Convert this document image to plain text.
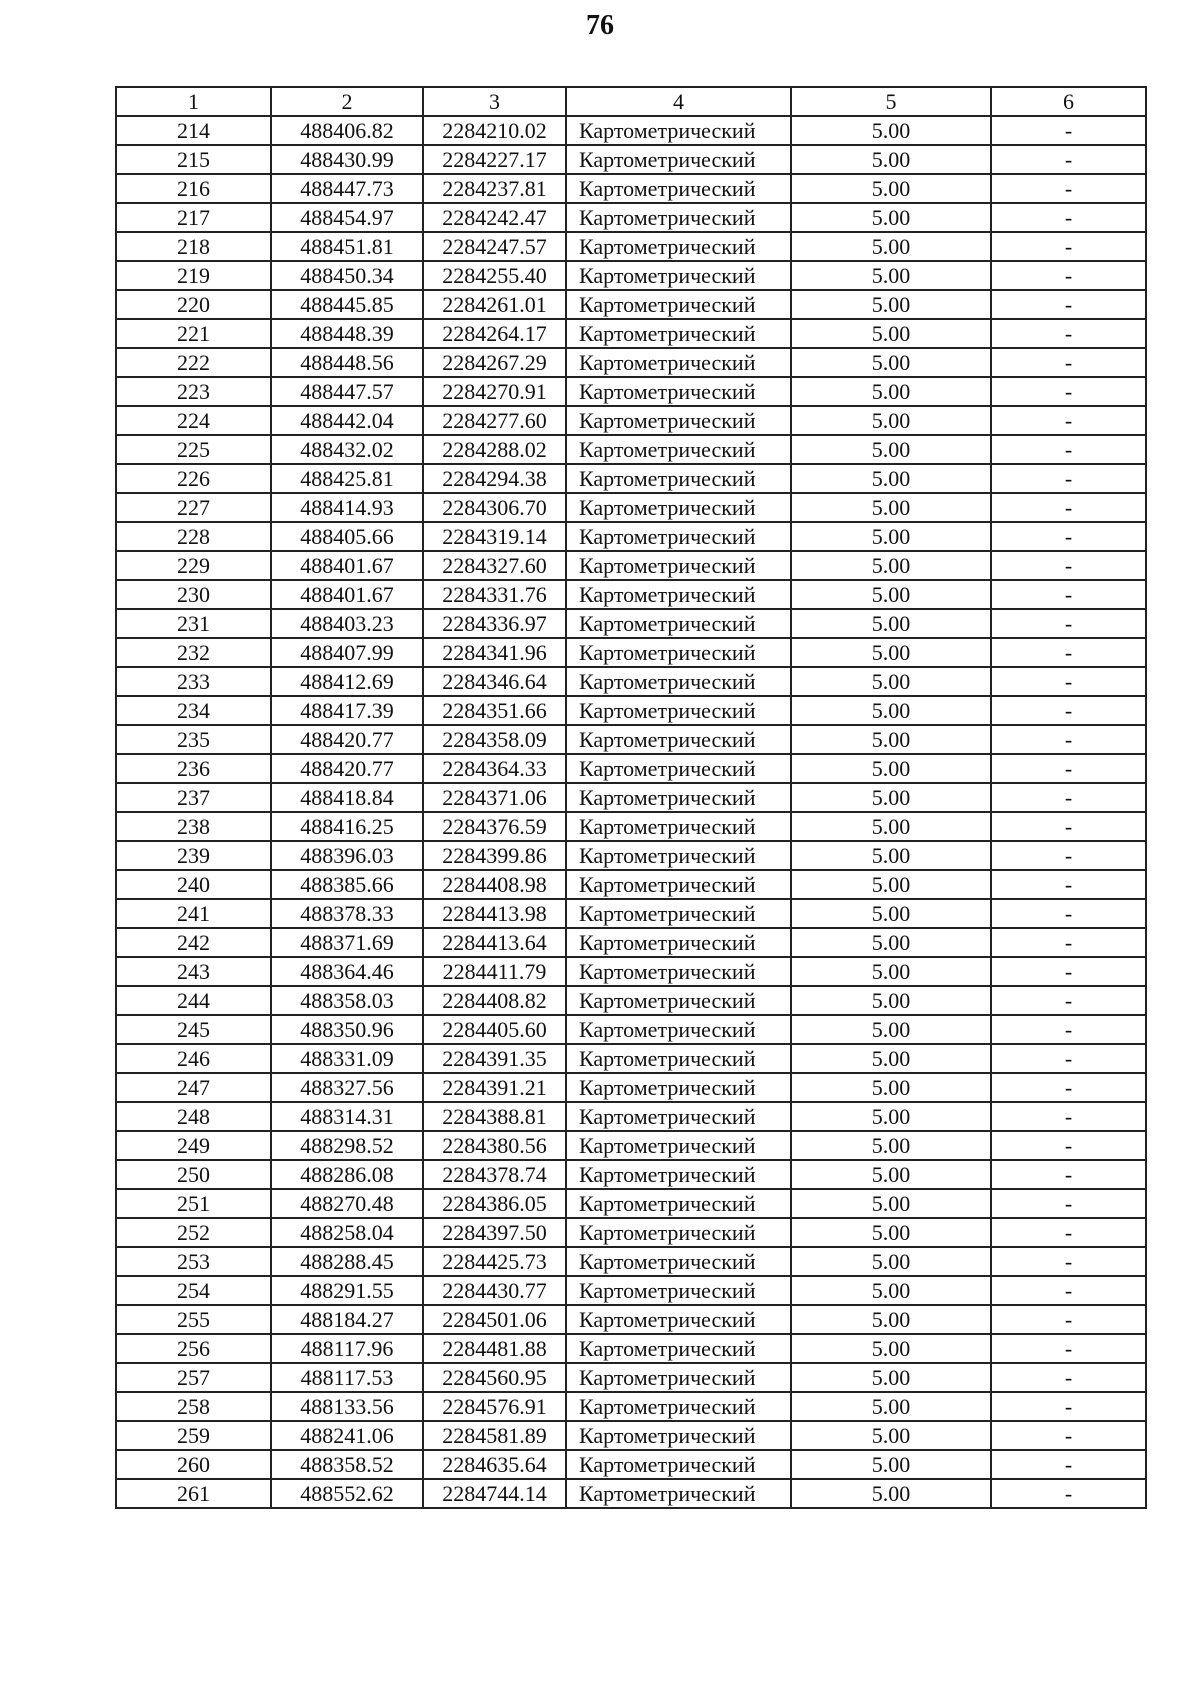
76
1	2	3	4	5	6
214	488406.82	2284210.02	Картометрический	5.00	-
215	488430.99	2284227.17	Картометрический	5.00	-
216	488447.73	2284237.81	Картометрический	5.00	-
217	488454.97	2284242.47	Картометрический	5.00	-
218	488451.81	2284247.57	Картометрический	5.00	-
219	488450.34	2284255.40	Картометрический	5.00	-
220	488445.85	2284261.01	Картометрический	5.00	-
221	488448.39	2284264.17	Картометрический	5.00	-
222	488448.56	2284267.29	Картометрический	5.00	-
223	488447.57	2284270.91	Картометрический	5.00	-
224	488442.04	2284277.60	Картометрический	5.00	-
225	488432.02	2284288.02	Картометрический	5.00	-
226	488425.81	2284294.38	Картометрический	5.00	-
227	488414.93	2284306.70	Картометрический	5.00	-
228	488405.66	2284319.14	Картометрический	5.00	-
229	488401.67	2284327.60	Картометрический	5.00	-
230	488401.67	2284331.76	Картометрический	5.00	-
231	488403.23	2284336.97	Картометрический	5.00	-
232	488407.99	2284341.96	Картометрический	5.00	-
233	488412.69	2284346.64	Картометрический	5.00	-
234	488417.39	2284351.66	Картометрический	5.00	-
235	488420.77	2284358.09	Картометрический	5.00	-
236	488420.77	2284364.33	Картометрический	5.00	-
237	488418.84	2284371.06	Картометрический	5.00	-
238	488416.25	2284376.59	Картометрический	5.00	-
239	488396.03	2284399.86	Картометрический	5.00	-
240	488385.66	2284408.98	Картометрический	5.00	-
241	488378.33	2284413.98	Картометрический	5.00	-
242	488371.69	2284413.64	Картометрический	5.00	-
243	488364.46	2284411.79	Картометрический	5.00	-
244	488358.03	2284408.82	Картометрический	5.00	-
245	488350.96	2284405.60	Картометрический	5.00	-
246	488331.09	2284391.35	Картометрический	5.00	-
247	488327.56	2284391.21	Картометрический	5.00	-
248	488314.31	2284388.81	Картометрический	5.00	-
249	488298.52	2284380.56	Картометрический	5.00	-
250	488286.08	2284378.74	Картометрический	5.00	-
251	488270.48	2284386.05	Картометрический	5.00	-
252	488258.04	2284397.50	Картометрический	5.00	-
253	488288.45	2284425.73	Картометрический	5.00	-
254	488291.55	2284430.77	Картометрический	5.00	-
255	488184.27	2284501.06	Картометрический	5.00	-
256	488117.96	2284481.88	Картометрический	5.00	-
257	488117.53	2284560.95	Картометрический	5.00	-
258	488133.56	2284576.91	Картометрический	5.00	-
259	488241.06	2284581.89	Картометрический	5.00	-
260	488358.52	2284635.64	Картометрический	5.00	-
261	488552.62	2284744.14	Картометрический	5.00	-
